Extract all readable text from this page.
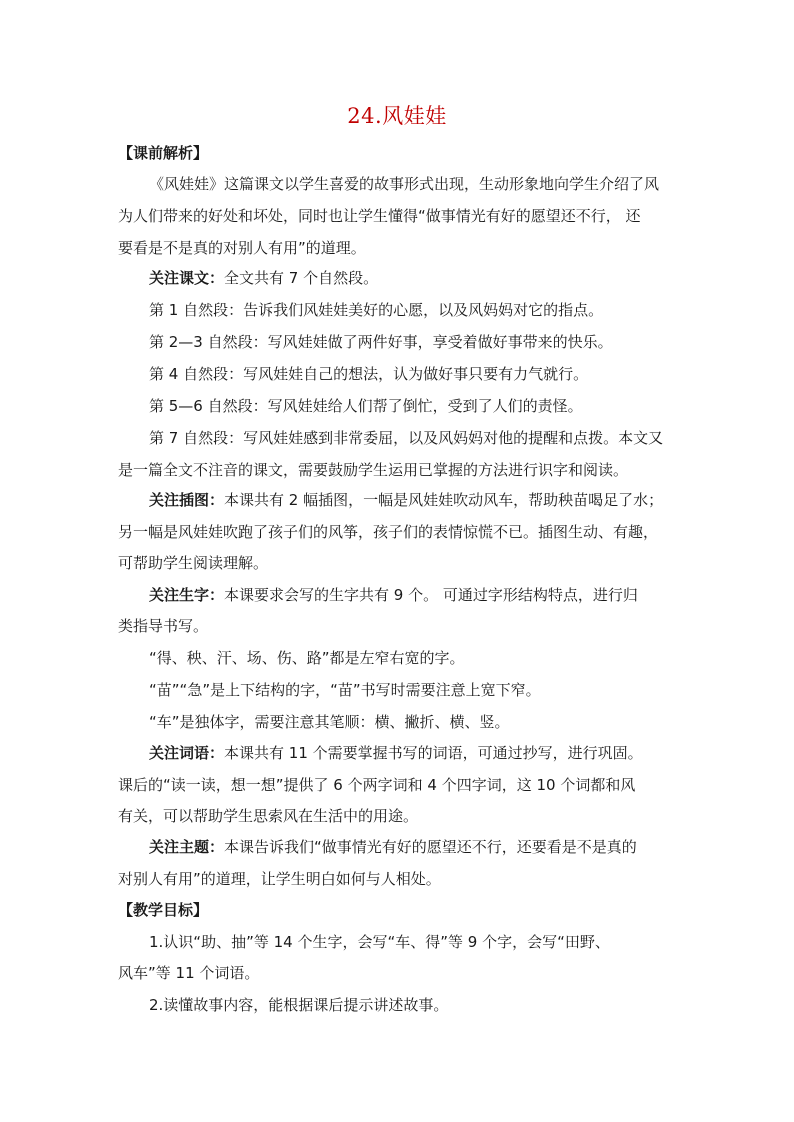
24.风娃娃
【课前解析】
《风娃娃》这篇课文以学生喜爱的故事形式出现，生动形象地向学生介绍了风
为人们带来的好处和坏处，同时也让学生懂得“做事情光有好的愿望还不行， 还
要看是不是真的对别人有用”的道理。
关注课文：全文共有 7 个自然段。
第 1 自然段：告诉我们风娃娃美好的心愿，以及风妈妈对它的指点。
第 2—3 自然段：写风娃娃做了两件好事，享受着做好事带来的快乐。
第 4 自然段：写风娃娃自己的想法，认为做好事只要有力气就行。
第 5—6 自然段：写风娃娃给人们帮了倒忙，受到了人们的责怪。
第 7 自然段：写风娃娃感到非常委屈，以及风妈妈对他的提醒和点拨。本文又
是一篇全文不注音的课文，需要鼓励学生运用已掌握的方法进行识字和阅读。
关注插图：本课共有 2 幅插图，一幅是风娃娃吹动风车，帮助秧苗喝足了水；
另一幅是风娃娃吹跑了孩子们的风筝，孩子们的表情惊慌不已。插图生动、有趣，
可帮助学生阅读理解。
关注生字：本课要求会写的生字共有 9 个。 可通过字形结构特点，进行归
类指导书写。
“得、秧、汗、场、伤、路”都是左窄右宽的字。
“苗”“急”是上下结构的字，“苗”书写时需要注意上宽下窄。
“车”是独体字，需要注意其笔顺：横、撇折、横、竖。
关注词语：本课共有 11 个需要掌握书写的词语，可通过抄写，进行巩固。
课后的“读一读，想一想”提供了 6 个两字词和 4 个四字词，这 10 个词都和风
有关，可以帮助学生思索风在生活中的用途。
关注主题：本课告诉我们“做事情光有好的愿望还不行，还要看是不是真的
对别人有用”的道理，让学生明白如何与人相处。
【教学目标】
1.认识“助、抽”等 14 个生字，会写“车、得”等 9 个字，会写“田野、
风车”等 11 个词语。
2.读懂故事内容，能根据课后提示讲述故事。
